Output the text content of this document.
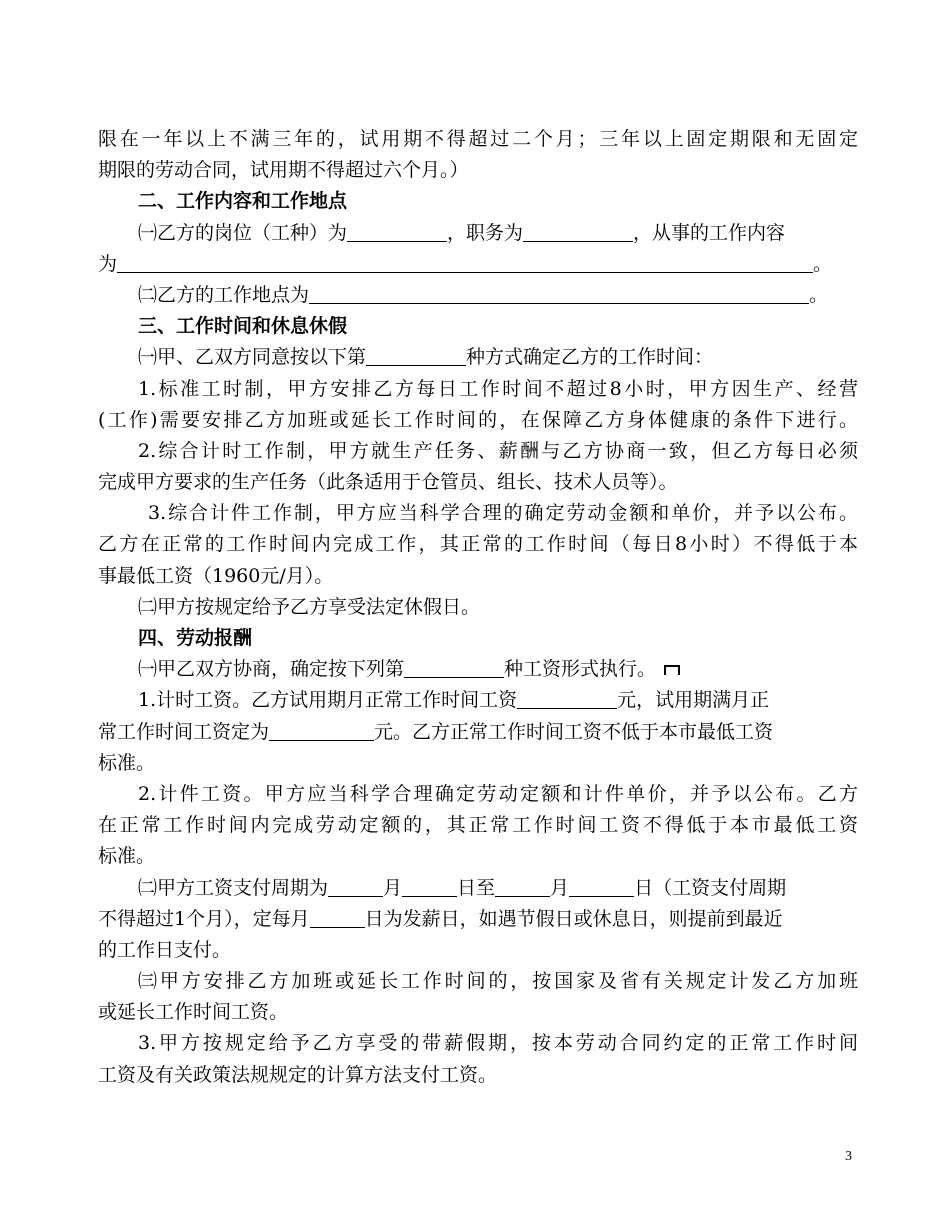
限在一年以上不满三年的，试用期不得超过二个月；三年以上固定期限和无固定
期限的劳动合同，试用期不得超过六个月。）
二、工作内容和工作地点
㈠乙方的岗位（工种）为	，职务为	，从事的工作内容
为	。
㈡乙方的工作地点为	。
三、工作时间和休息休假
㈠甲、乙双方同意按以下第	种方式确定乙方的工作时间：
1.标准工时制，甲方安排乙方每日工作时间不超过8小时，甲方因生产、经营
(工作)需要安排乙方加班或延长工作时间的，在保障乙方身体健康的条件下进行。
2.综合计时工作制，甲方就生产任务、薪酬与乙方协商一致，但乙方每日必须
完成甲方要求的生产任务（此条适用于仓管员、组长、技术人员等）。
3.综合计件工作制，甲方应当科学合理的确定劳动金额和单价，并予以公布。
乙方在正常的工作时间内完成工作，其正常的工作时间（每日8小时）不得低于本
事最低工资（1960元/月）。
㈡甲方按规定给予乙方享受法定休假日。
四、劳动报酬
㈠甲乙双方协商，确定按下列第	种工资形式执行。
1.计时工资。乙方试用期月正常工作时间工资	元，试用期满月正
常工作时间工资定为	元。乙方正常工作时间工资不低于本市最低工资
标准。
2.计件工资。甲方应当科学合理确定劳动定额和计件单价，并予以公布。乙方
在正常工作时间内完成劳动定额的，其正常工作时间工资不得低于本市最低工资
标准。
㈡甲方工资支付周期为	月	日至	月	日（工资支付周期
不得超过1个月），定每月	日为发薪日，如遇节假日或休息日，则提前到最近
的工作日支付。
㈢甲方安排乙方加班或延长工作时间的，按国家及省有关规定计发乙方加班
或延长工作时间工资。
3.甲方按规定给予乙方享受的带薪假期，按本劳动合同约定的正常工作时间
工资及有关政策法规规定的计算方法支付工资。
3
